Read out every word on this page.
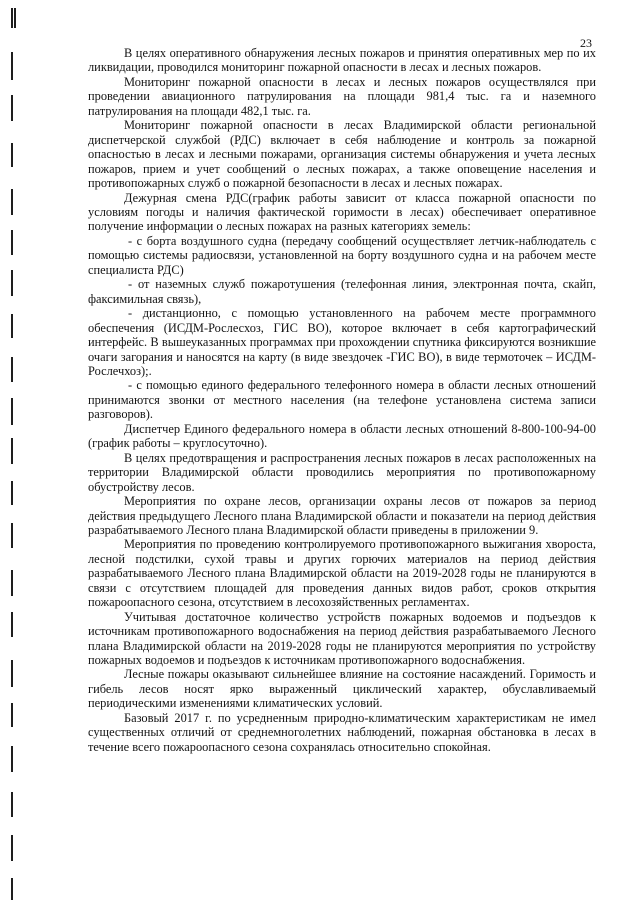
23

В целях оперативного обнаружения лесных пожаров и принятия оперативных мер по их ликвидации, проводился мониторинг пожарной опасности в лесах и лесных пожаров.

Мониторинг пожарной опасности в лесах и лесных пожаров осуществлялся при проведении авиационного патрулирования на площади 981,4 тыс. га и наземного патрулирования на площади 482,1 тыс. га.

Мониторинг пожарной опасности в лесах Владимирской области региональной диспетчерской службой (РДС) включает в себя наблюдение и контроль за пожарной опасностью в лесах и лесными пожарами, организация системы обнаружения и учета лесных пожаров, прием и учет сообщений о лесных пожарах, а также оповещение населения и противопожарных служб о пожарной безопасности в лесах и лесных пожарах.

Дежурная смена РДС(график работы зависит от класса пожарной опасности по условиям погоды и наличия фактической горимости в лесах) обеспечивает оперативное получение информации о лесных пожарах на разных категориях земель:

- с борта воздушного судна (передачу сообщений осуществляет летчик-наблюдатель с помощью системы радиосвязи, установленной на борту воздушного судна и на рабочем месте специалиста РДС)

- от наземных служб пожаротушения (телефонная линия, электронная почта, скайп, факсимильная связь),

- дистанционно, с помощью установленного на рабочем месте программного обеспечения (ИСДМ-Рослесхоз, ГИС ВО), которое включает в себя картографический интерфейс. В вышеуказанных программах при прохождении спутника фиксируются возникшие очаги загорания и наносятся на карту (в виде звездочек -ГИС ВО), в виде термоточек – ИСДМ-Рослечхоз);.

- с помощью единого федерального телефонного номера в области лесных отношений принимаются звонки от местного населения (на телефоне установлена система записи разговоров).

Диспетчер Единого федерального номера в области лесных отношений 8-800-100-94-00 (график работы – круглосуточно).

В целях предотвращения и распространения лесных пожаров в лесах расположенных на территории Владимирской области проводились мероприятия по противопожарному обустройству лесов.

Мероприятия по охране лесов, организации охраны лесов от пожаров за период действия предыдущего Лесного плана Владимирской области и показатели на период действия разрабатываемого Лесного плана Владимирской области приведены в приложении 9.

Мероприятия по проведению контролируемого противопожарного выжигания хвороста, лесной подстилки, сухой травы и других горючих материалов на период действия разрабатываемого Лесного плана Владимирской области на 2019-2028 годы не планируются в связи с отсутствием площадей для проведения данных видов работ, сроков открытия пожароопасного сезона, отсутствием в лесохозяйственных регламентах.

Учитывая достаточное количество устройств пожарных водоемов и подъездов к источникам противопожарного водоснабжения на период действия разрабатываемого Лесного плана Владимирской области на 2019-2028 годы не планируются мероприятия по устройству пожарных водоемов и подъездов к источникам противопожарного водоснабжения.

Лесные пожары оказывают сильнейшее влияние на состояние насаждений. Горимость и гибель лесов носят ярко выраженный циклический характер, обуславливаемый периодическими изменениями климатических условий.

Базовый 2017 г. по усредненным природно-климатическим характеристикам не имел существенных отличий от среднемноголетних наблюдений, пожарная обстановка в лесах в течение всего пожароопасного сезона сохранялась относительно спокойная.
